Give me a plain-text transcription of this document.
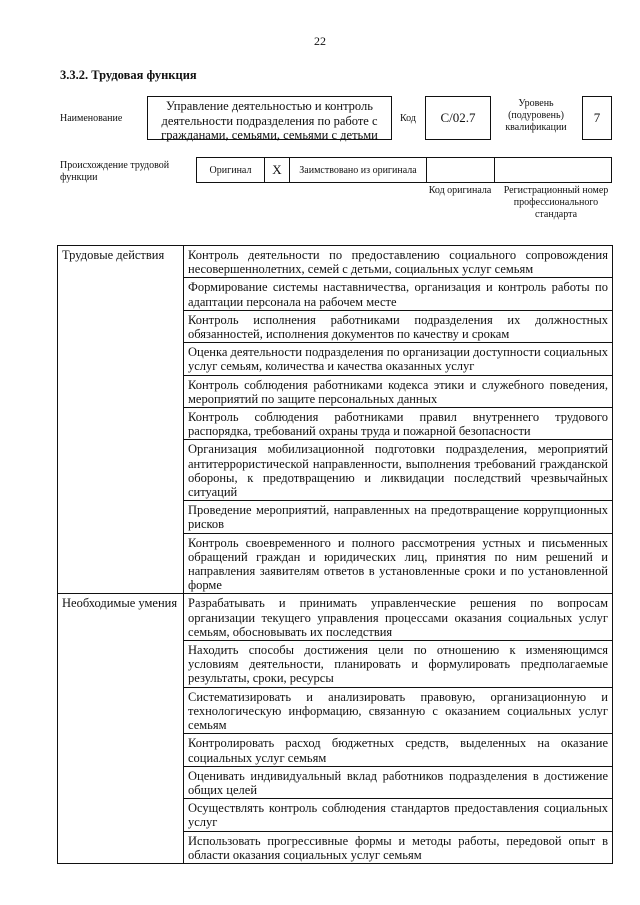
22
3.3.2. Трудовая функция
Наименование
Управление деятельностью и контроль деятельности подразделения по работе с гражданами, семьями, семьями с детьми
Код	C/02.7
Уровень (подуровень) квалификации
7
Происхождение трудовой функции
Оригинал	X	Заимствовано из оригинала
Код оригинала	Регистрационный номер профессионального стандарта
Трудовые действия	Контроль деятельности по предоставлению социального сопровождения несовершеннолетних, семей с детьми, социальных услуг семьям
	Формирование системы наставничества, организация и контроль работы по адаптации персонала на рабочем месте
	Контроль исполнения работниками подразделения их должностных обязанностей, исполнения документов по качеству и срокам
	Оценка деятельности подразделения по организации доступности социальных услуг семьям, количества и качества оказанных услуг
	Контроль соблюдения работниками кодекса этики и служебного поведения, мероприятий по защите персональных данных
	Контроль соблюдения работниками правил внутреннего трудового распорядка, требований охраны труда и пожарной безопасности
	Организация мобилизационной подготовки подразделения, мероприятий антитеррористической направленности, выполнения требований гражданской обороны, к предотвращению и ликвидации последствий чрезвычайных ситуаций
	Проведение мероприятий, направленных на предотвращение коррупционных рисков
	Контроль своевременного и полного рассмотрения устных и письменных обращений граждан и юридических лиц, принятия по ним решений и направления заявителям ответов в установленные сроки и по установленной форме
Необходимые умения	Разрабатывать и принимать управленческие решения по вопросам организации текущего управления процессами оказания социальных услуг семьям, обосновывать их последствия
	Находить способы достижения цели по отношению к изменяющимся условиям деятельности, планировать и формулировать предполагаемые результаты, сроки, ресурсы
	Систематизировать и анализировать правовую, организационную и технологическую информацию, связанную с оказанием социальных услуг семьям
	Контролировать расход бюджетных средств, выделенных на оказание социальных услуг семьям
	Оценивать индивидуальный вклад работников подразделения в достижение общих целей
	Осуществлять контроль соблюдения стандартов предоставления социальных услуг
	Использовать прогрессивные формы и методы работы, передовой опыт в области оказания социальных услуг семьям
